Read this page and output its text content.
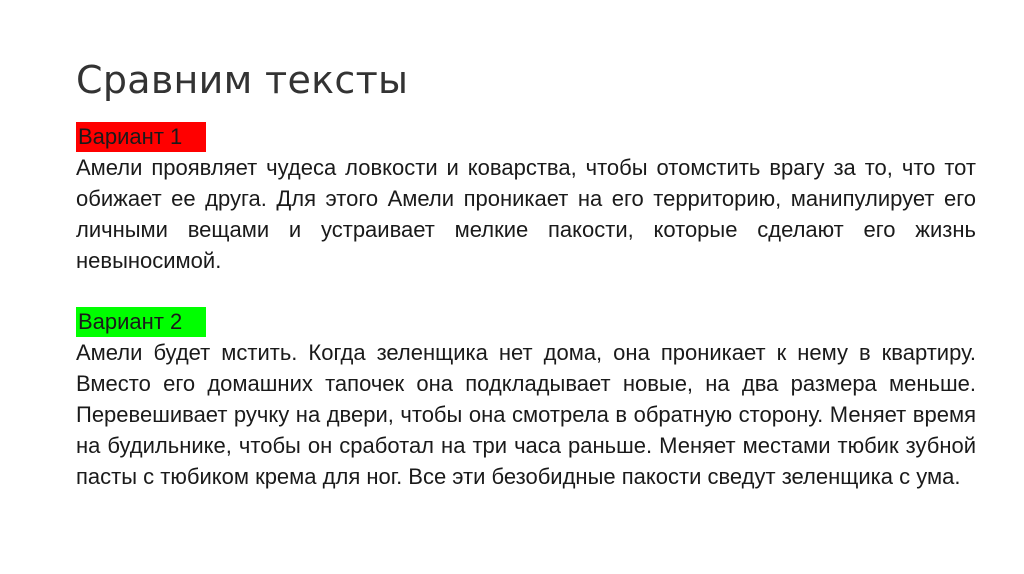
Сравним тексты
Вариант 1

Амели проявляет чудеса ловкости и коварства, чтобы отомстить врагу за то, что тот обижает ее друга. Для этого Амели проникает на его территорию, манипулирует его личными вещами и устраивает мелкие пакости, которые сделают его жизнь невыносимой.

Вариант 2

Амели будет мстить. Когда зеленщика нет дома, она проникает к нему в квартиру. Вместо его домашних тапочек она подкладывает новые, на два размера меньше. Перевешивает ручку на двери, чтобы она смотрела в обратную сторону. Меняет время на будильнике, чтобы он сработал на три часа раньше. Меняет местами тюбик зубной пасты с тюбиком крема для ног. Все эти безобидные пакости сведут зеленщика с ума.
